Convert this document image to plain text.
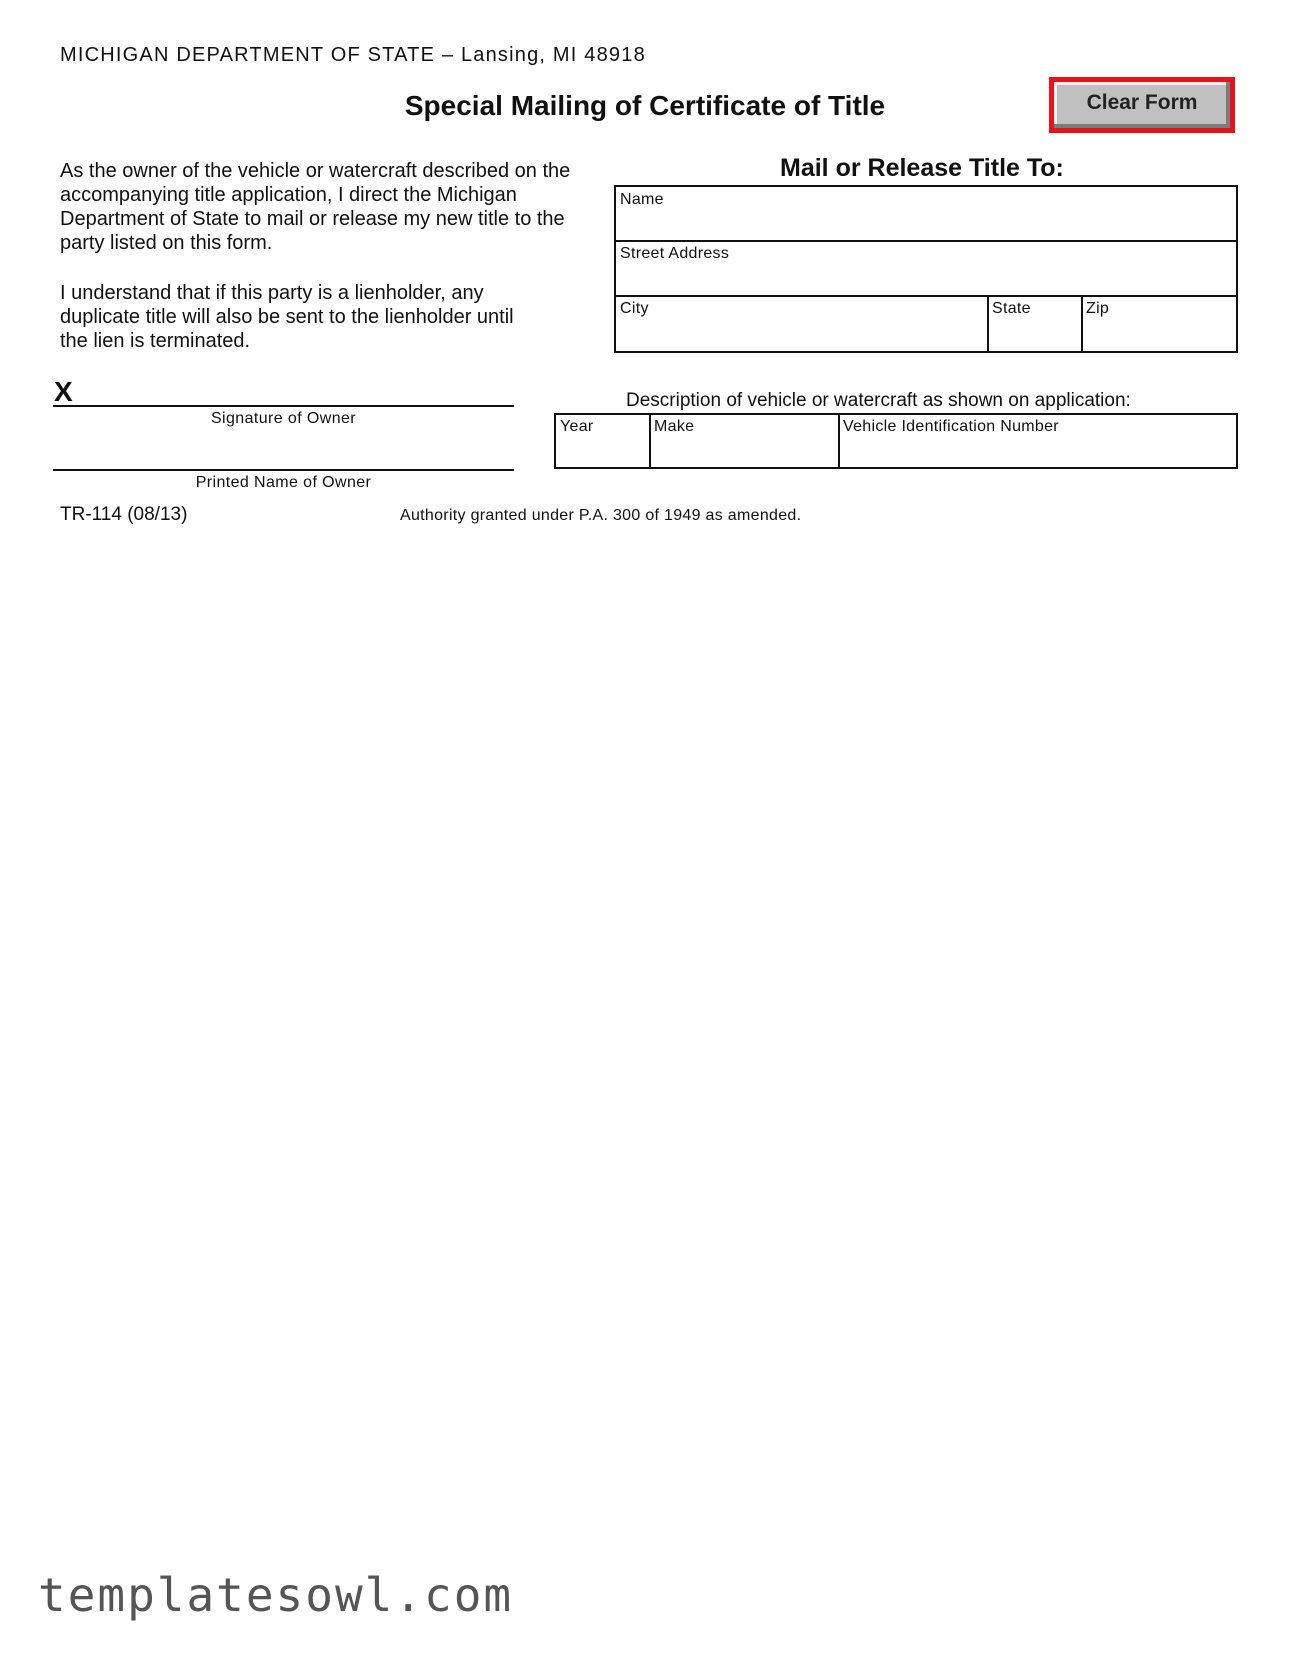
MICHIGAN DEPARTMENT OF STATE – Lansing, MI 48918
Special Mailing of Certificate of Title	Clear Form
As the owner of the vehicle or watercraft described on the accompanying title application, I direct the Michigan Department of State to mail or release my new title to the party listed on this form.
I understand that if this party is a lienholder, any duplicate title will also be sent to the lienholder until the lien is terminated.
Mail or Release Title To:
Name
Street Address
City	State	Zip
X
Signature of Owner
Printed Name of Owner
Description of vehicle or watercraft as shown on application:
Year	Make	Vehicle Identification Number
TR-114 (08/13)	Authority granted under P.A. 300 of 1949 as amended.
templatesowl.com
